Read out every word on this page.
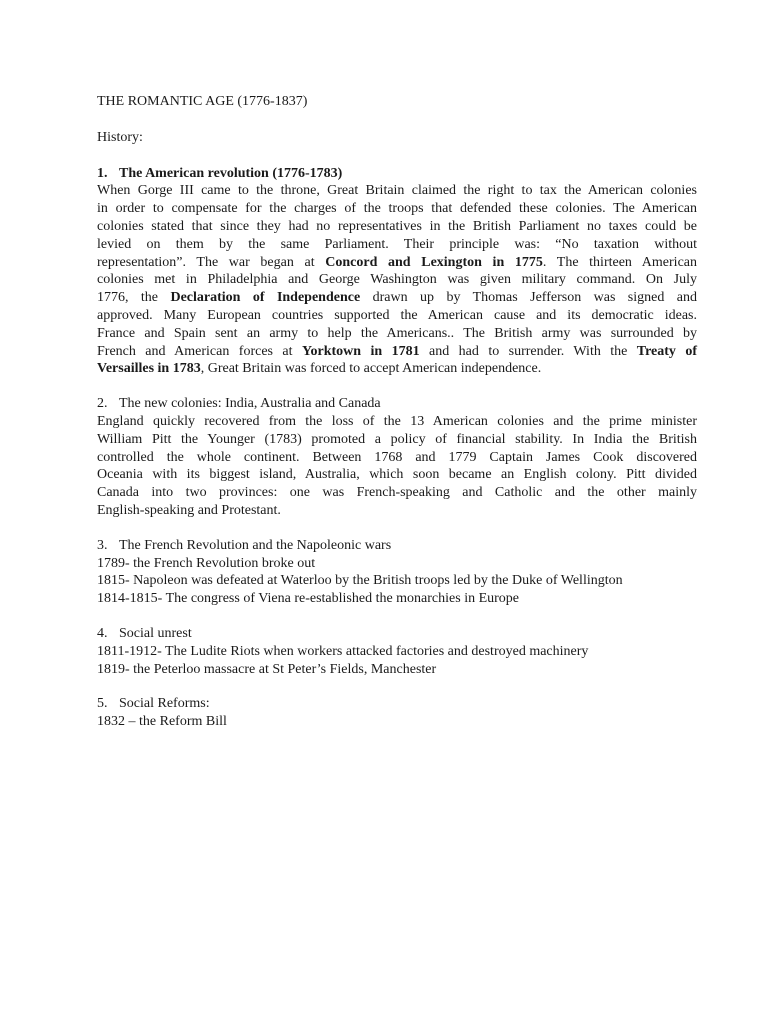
THE ROMANTIC AGE (1776-1837)
History:
1. The American revolution (1776-1783)
When Gorge III came to the throne, Great Britain claimed the right to tax the American colonies
in order to compensate for the charges of the troops that defended these colonies. The American
colonies stated that since they had no representatives in the British Parliament no taxes could be
levied on them by the same Parliament. Their principle was: “No taxation without
representation”. The war began at Concord and Lexington in 1775. The thirteen American
colonies met in Philadelphia and George Washington was given military command. On July
1776, the Declaration of Independence drawn up by Thomas Jefferson was signed and
approved. Many European countries supported the American cause and its democratic ideas.
France and Spain sent an army to help the Americans.. The British army was surrounded by
French and American forces at Yorktown in 1781 and had to surrender. With the Treaty of
Versailles in 1783, Great Britain was forced to accept American independence.
2. The new colonies: India, Australia and Canada
England quickly recovered from the loss of the 13 American colonies and the prime minister
William Pitt the Younger (1783) promoted a policy of financial stability. In India the British
controlled the whole continent. Between 1768 and 1779 Captain James Cook discovered
Oceania with its biggest island, Australia, which soon became an English colony. Pitt divided
Canada into two provinces: one was French-speaking and Catholic and the other mainly
English-speaking and Protestant.
3. The French Revolution and the Napoleonic wars
1789- the French Revolution broke out
1815- Napoleon was defeated at Waterloo by the British troops led by the Duke of Wellington
1814-1815- The congress of Viena re-established the monarchies in Europe
4. Social unrest
1811-1912- The Ludite Riots when workers attacked factories and destroyed machinery
1819- the Peterloo massacre at St Peter’s Fields, Manchester
5. Social Reforms:
1832 – the Reform Bill
